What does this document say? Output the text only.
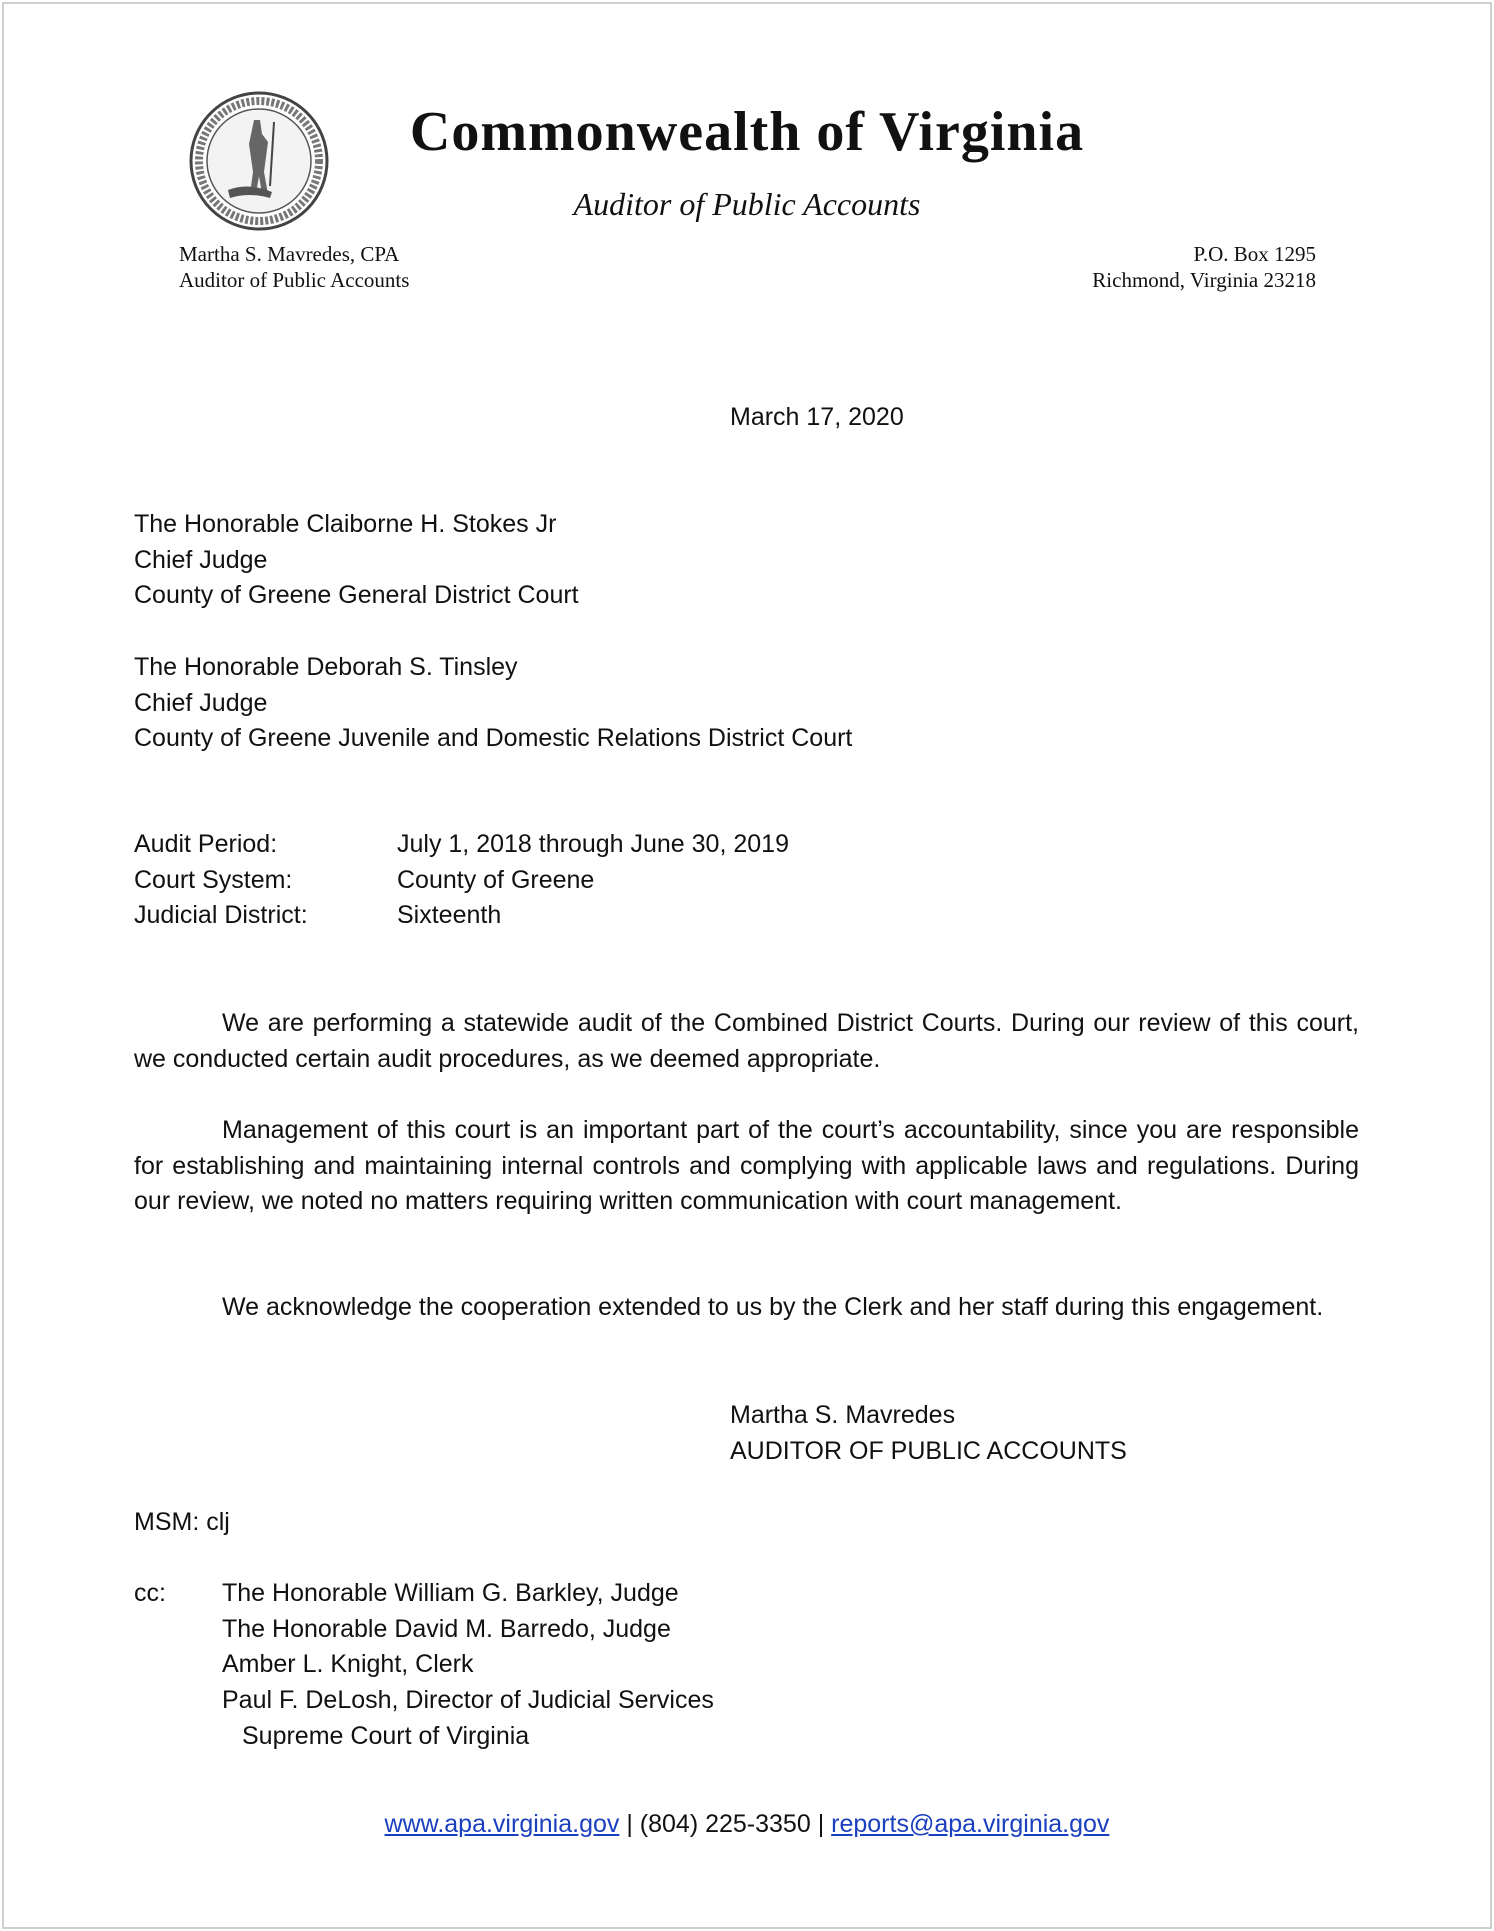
Commonwealth of Virginia
Auditor of Public Accounts
Martha S. Mavredes, CPA
Auditor of Public Accounts
P.O. Box 1295
Richmond, Virginia 23218
March 17, 2020
The Honorable Claiborne H. Stokes Jr
Chief Judge
County of Greene General District Court
The Honorable Deborah S. Tinsley
Chief Judge
County of Greene Juvenile and Domestic Relations District Court
Audit Period:	July 1, 2018 through June 30, 2019
Court System:	County of Greene
Judicial District:	Sixteenth
We are performing a statewide audit of the Combined District Courts. During our review of this court, we conducted certain audit procedures, as we deemed appropriate.
Management of this court is an important part of the court’s accountability, since you are responsible for establishing and maintaining internal controls and complying with applicable laws and regulations. During our review, we noted no matters requiring written communication with court management.
We acknowledge the cooperation extended to us by the Clerk and her staff during this engagement.
Martha S. Mavredes
AUDITOR OF PUBLIC ACCOUNTS
MSM: clj
cc: The Honorable William G. Barkley, Judge
The Honorable David M. Barredo, Judge
Amber L. Knight, Clerk
Paul F. DeLosh, Director of Judicial Services
Supreme Court of Virginia
www.apa.virginia.gov | (804) 225-3350 | reports@apa.virginia.gov
